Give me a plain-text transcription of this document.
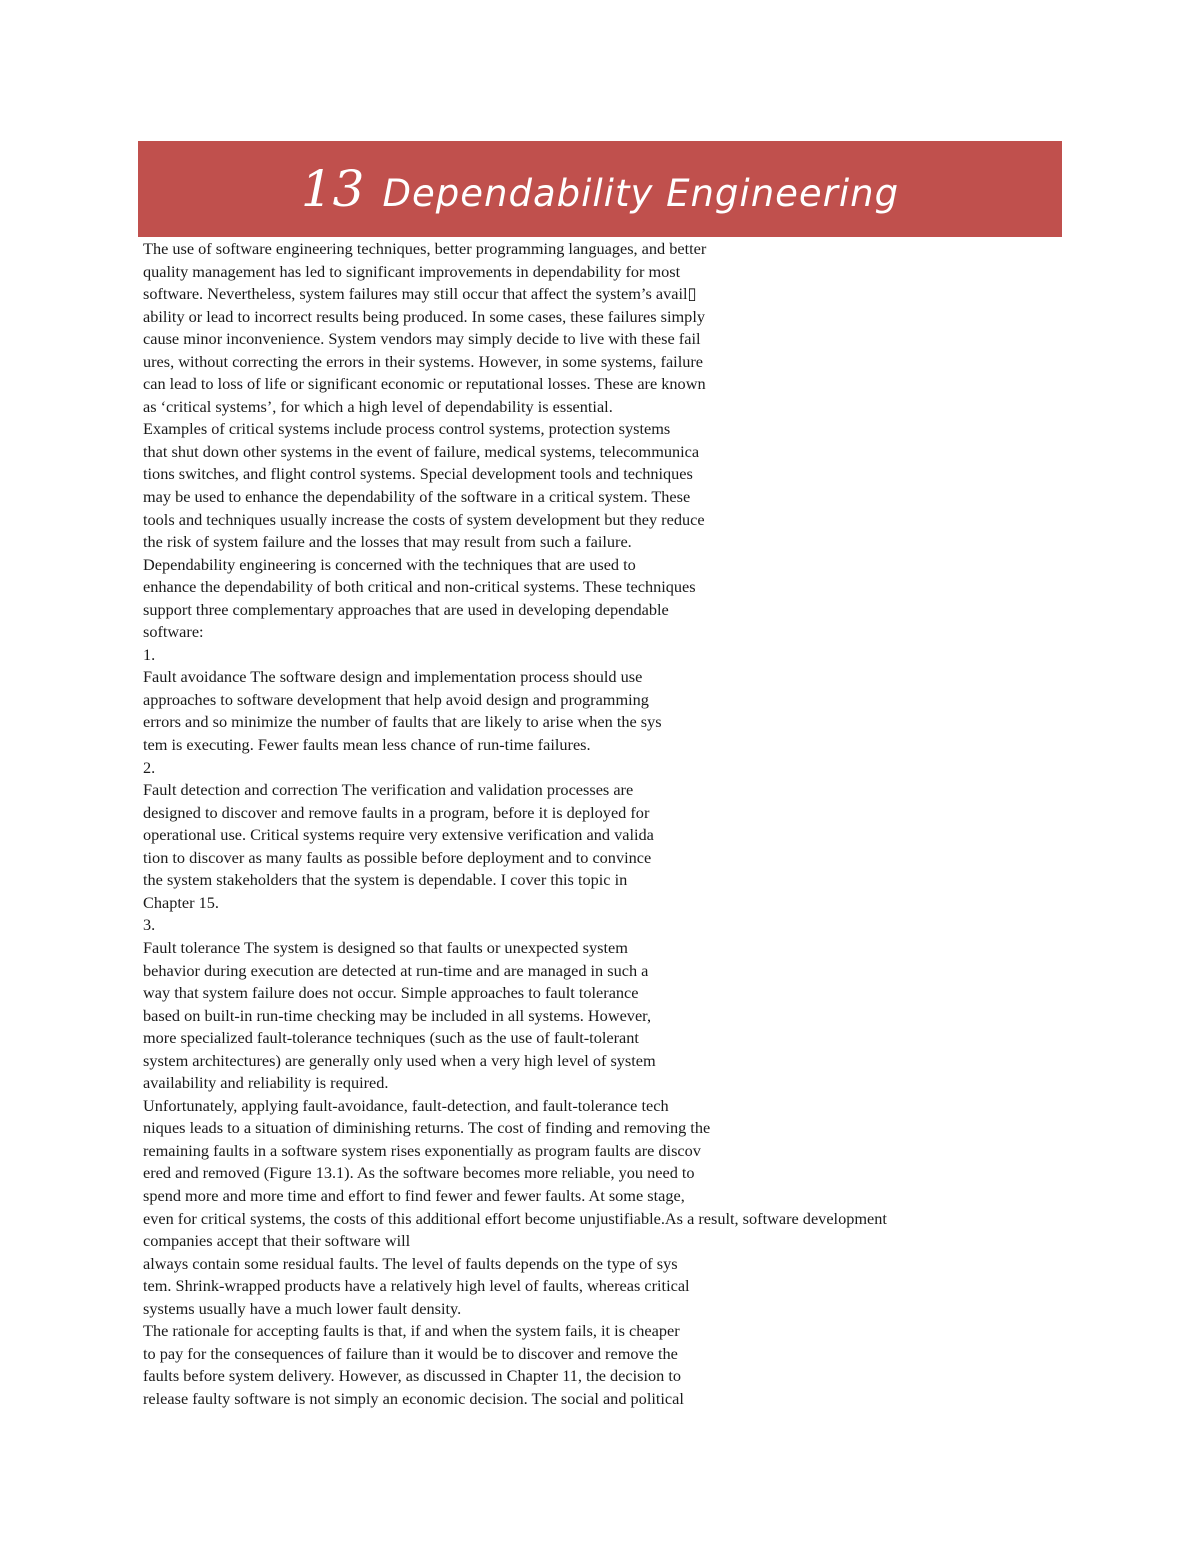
13 Dependability Engineering
The use of software engineering techniques, better programming languages, and better
quality management has led to significant improvements in dependability for most
software. Nevertheless, system failures may still occur that affect the system’s avail▯
ability or lead to incorrect results being produced. In some cases, these failures simply
cause minor inconvenience. System vendors may simply decide to live with these fail
ures, without correcting the errors in their systems. However, in some systems, failure
can lead to loss of life or significant economic or reputational losses. These are known
as ‘critical systems’, for which a high level of dependability is essential.
Examples of critical systems include process control systems, protection systems
that shut down other systems in the event of failure, medical systems, telecommunica
tions switches, and flight control systems. Special development tools and techniques
may be used to enhance the dependability of the software in a critical system. These
tools and techniques usually increase the costs of system development but they reduce
the risk of system failure and the losses that may result from such a failure.
Dependability engineering is concerned with the techniques that are used to
enhance the dependability of both critical and non-critical systems. These techniques
support three complementary approaches that are used in developing dependable
software:
1.
Fault avoidance The software design and implementation process should use
approaches to software development that help avoid design and programming
errors and so minimize the number of faults that are likely to arise when the sys
tem is executing. Fewer faults mean less chance of run-time failures.
2.
Fault detection and correction The verification and validation processes are
designed to discover and remove faults in a program, before it is deployed for
operational use. Critical systems require very extensive verification and valida
tion to discover as many faults as possible before deployment and to convince
the system stakeholders that the system is dependable. I cover this topic in
Chapter 15.
3.
Fault tolerance The system is designed so that faults or unexpected system
behavior during execution are detected at run-time and are managed in such a
way that system failure does not occur. Simple approaches to fault tolerance
based on built-in run-time checking may be included in all systems. However,
more specialized fault-tolerance techniques (such as the use of fault-tolerant
system architectures) are generally only used when a very high level of system
availability and reliability is required.
Unfortunately, applying fault-avoidance, fault-detection, and fault-tolerance tech
niques leads to a situation of diminishing returns. The cost of finding and removing the
remaining faults in a software system rises exponentially as program faults are discov
ered and removed (Figure 13.1). As the software becomes more reliable, you need to
spend more and more time and effort to find fewer and fewer faults. At some stage,
even for critical systems, the costs of this additional effort become unjustifiable.As a result, software development
companies accept that their software will
always contain some residual faults. The level of faults depends on the type of sys
tem. Shrink-wrapped products have a relatively high level of faults, whereas critical
systems usually have a much lower fault density.
The rationale for accepting faults is that, if and when the system fails, it is cheaper
to pay for the consequences of failure than it would be to discover and remove the
faults before system delivery. However, as discussed in Chapter 11, the decision to
release faulty software is not simply an economic decision. The social and political
